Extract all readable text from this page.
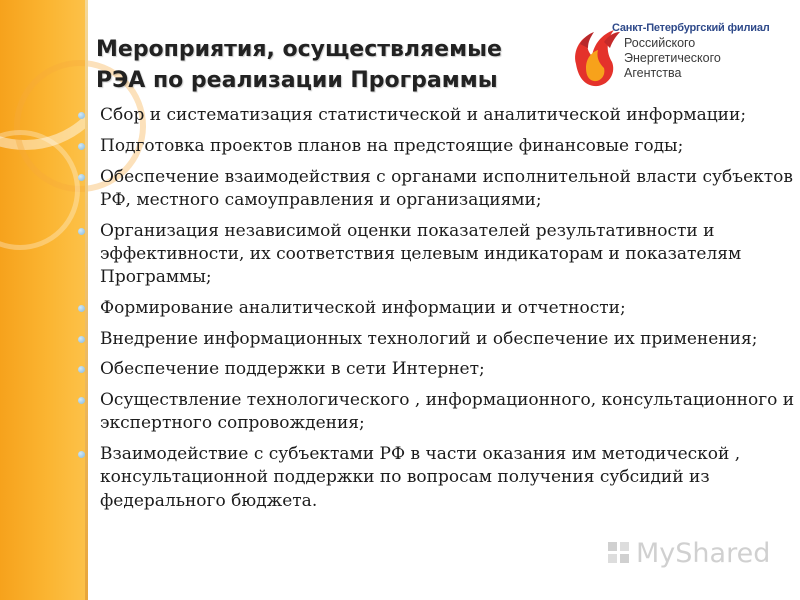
Мероприятия, осуществляемые
РЭА по реализации Программы
Санкт-Петербургский филиал
Российского
Энергетического
Агентства
Сбор и систематизация статистической и аналитической информации;
Подготовка проектов планов на предстоящие финансовые годы;
Обеспечение взаимодействия с органами исполнительной власти субъектов РФ, местного самоуправления и организациями;
Организация независимой оценки показателей результативности и эффективности, их соответствия целевым индикаторам и показателям Программы;
Формирование аналитической информации и отчетности;
Внедрение информационных технологий и обеспечение их применения;
Обеспечение поддержки в сети Интернет;
Осуществление технологического , информационного, консультационного и экспертного сопровождения;
Взаимодействие с субъектами РФ в части оказания им методической , консультационной поддержки по вопросам получения субсидий из федерального бюджета.
MyShared
